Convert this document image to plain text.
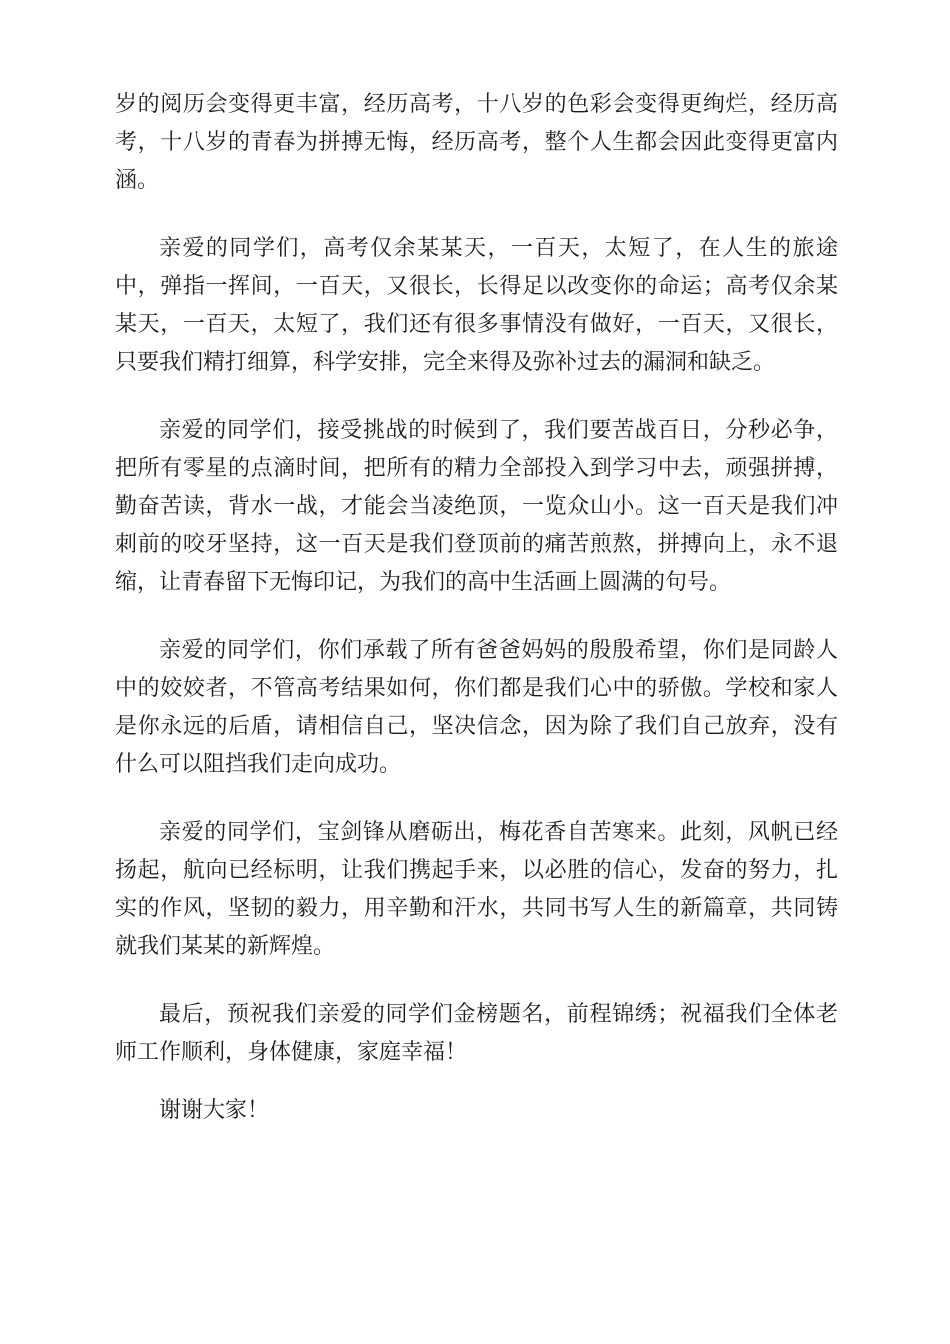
岁的阅历会变得更丰富，经历高考，十八岁的色彩会变得更绚烂，经历高考，十八岁的青春为拼搏无悔，经历高考，整个人生都会因此变得更富内涵。

亲爱的同学们，高考仅余某某天，一百天，太短了，在人生的旅途中，弹指一挥间，一百天，又很长，长得足以改变你的命运；高考仅余某某天，一百天，太短了，我们还有很多事情没有做好，一百天，又很长，只要我们精打细算，科学安排，完全来得及弥补过去的漏洞和缺乏。

亲爱的同学们，接受挑战的时候到了，我们要苦战百日，分秒必争，把所有零星的点滴时间，把所有的精力全部投入到学习中去，顽强拼搏，勤奋苦读，背水一战，才能会当凌绝顶，一览众山小。这一百天是我们冲刺前的咬牙坚持，这一百天是我们登顶前的痛苦煎熬，拼搏向上，永不退缩，让青春留下无悔印记，为我们的高中生活画上圆满的句号。

亲爱的同学们，你们承载了所有爸爸妈妈的殷殷希望，你们是同龄人中的姣姣者，不管高考结果如何，你们都是我们心中的骄傲。学校和家人是你永远的后盾，请相信自己，坚决信念，因为除了我们自己放弃，没有什么可以阻挡我们走向成功。

亲爱的同学们，宝剑锋从磨砺出，梅花香自苦寒来。此刻，风帆已经扬起，航向已经标明，让我们携起手来，以必胜的信心，发奋的努力，扎实的作风，坚韧的毅力，用辛勤和汗水，共同书写人生的新篇章，共同铸就我们某某的新辉煌。

最后，预祝我们亲爱的同学们金榜题名，前程锦绣；祝福我们全体老师工作顺利，身体健康，家庭幸福！

谢谢大家！
